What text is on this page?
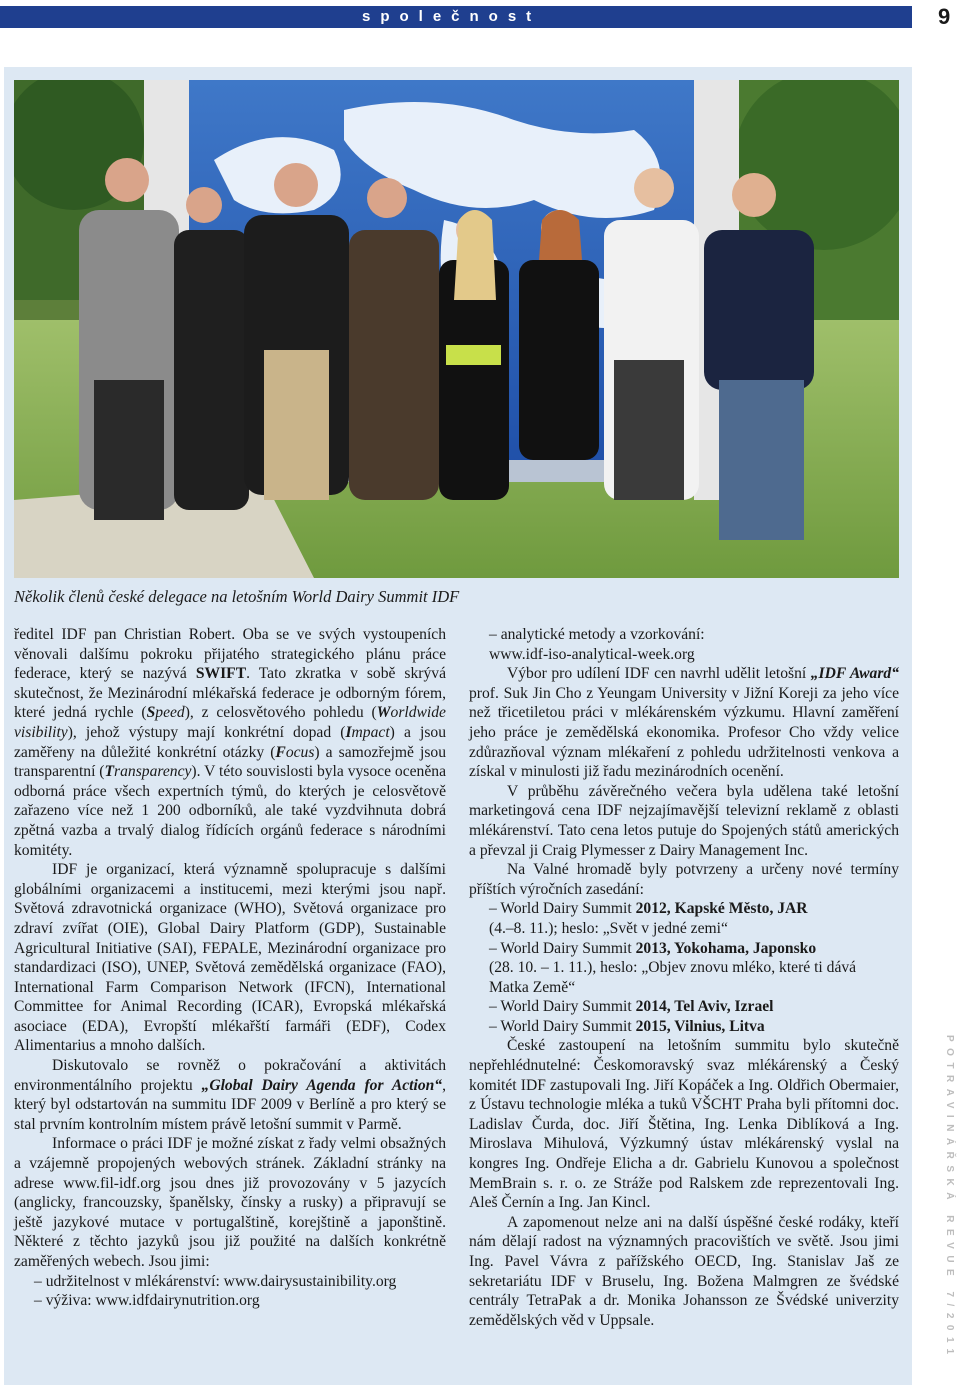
společnost	9
Několik členů české delegace na letošním World Dairy Summit IDF

ředitel IDF pan Christian Robert. Oba se ve svých vystoupeních věnovali dalšímu pokroku přijatého strategického plánu práce federace, který se nazývá SWIFT. Tato zkratka v sobě skrývá skutečnost, že Mezinárodní mlékařská federace je odborným fórem, které jedná rychle (Speed), z celosvětového pohledu (Worldwide visibility), jehož výstupy mají konkrétní dopad (Impact) a jsou zaměřeny na důležité konkrétní otázky (Focus) a samozřejmě jsou transparentní (Transparency). V této souvislosti byla vysoce oceněna odborná práce všech expertních týmů, do kterých je celosvětově zařazeno více než 1 200 odborníků, ale také vyzdvihnuta dobrá zpětná vazba a trvalý dialog řídících orgánů federace s národními komitéty.

IDF je organizací, která významně spolupracuje s dalšími globálními organizacemi a institucemi, mezi kterými jsou např. Světová zdravotnická organizace (WHO), Světová organizace pro zdraví zvířat (OIE), Global Dairy Platform (GDP), Sustainable Agricultural Initiative (SAI), FEPALE, Mezinárodní organizace pro standardizaci (ISO), UNEP, Světová zemědělská organizace (FAO), International Farm Comparison Network (IFCN), International Committee for Animal Recording (ICAR), Evropská mlékařská asociace (EDA), Evropští mlékařští farmáři (EDF), Codex Alimentarius a mnoho dalších.

Diskutovalo se rovněž o pokračování a aktivitách environmentálního projektu „Global Dairy Agenda for Action“, který byl odstartován na summitu IDF 2009 v Berlíně a pro který se stal prvním kontrolním místem právě letošní summit v Parmě.

Informace o práci IDF je možné získat z řady velmi obsažných a vzájemně propojených webových stránek. Základní stránky na adrese www.fil-idf.org jsou dnes již provozovány v 5 jazycích (anglicky, francouzsky, španělsky, čínsky a rusky) a připravují se ještě jazykové mutace v portugalštině, korejštině a japonštině. Některé z těchto jazyků jsou již použité na dalších konkrétně zaměřených webech. Jsou jimi:

– udržitelnost v mlékárenství: www.dairysustainibility.org

– výživa: www.idfdairynutrition.org

– analytické metody a vzorkování:
www.idf-iso-analytical-week.org

Výbor pro udílení IDF cen navrhl udělit letošní „IDF Award“ prof. Suk Jin Cho z Yeungam University v Jižní Koreji za jeho více než třicetiletou práci v mlékárenském výzkumu. Hlavní zaměření jeho práce je zemědělská ekonomika. Profesor Cho vždy velice zdůrazňoval význam mlékaření z pohledu udržitelnosti venkova a získal v minulosti již řadu mezinárodních ocenění.

V průběhu závěrečného večera byla udělena také letošní marketingová cena IDF nejzajímavější televizní reklamě z oblasti mlékárenství. Tato cena letos putuje do Spojených států amerických a převzal ji Craig Plymesser z Dairy Management Inc.

Na Valné hromadě byly potvrzeny a určeny nové termíny příštích výročních zasedání:

– World Dairy Summit 2012, Kapské Město, JAR
(4.–8. 11.); heslo: „Svět v jedné zemi“

– World Dairy Summit 2013, Yokohama, Japonsko
(28. 10. – 1. 11.), heslo: „Objev znovu mléko, které ti dává Matka Země“

– World Dairy Summit 2014, Tel Aviv, Izrael

– World Dairy Summit 2015, Vilnius, Litva

České zastoupení na letošním summitu bylo skutečně nepřehlédnutelné: Českomoravský svaz mlékárenský a Český komitét IDF zastupovali Ing. Jiří Kopáček a Ing. Oldřich Obermaier, z Ústavu technologie mléka a tuků VŠCHT Praha byli přítomni doc. Ladislav Čurda, doc. Jiří Štětina, Ing. Lenka Diblíková a Ing. Miroslava Mihulová, Výzkumný ústav mlékárenský vyslal na kongres Ing. Ondřeje Elicha a dr. Gabrielu Kunovou a společnost MemBrain s. r. o. ze Stráže pod Ralskem zde reprezentovali Ing. Aleš Černín a Ing. Jan Kincl.

A zapomenout nelze ani na další úspěšné české rodáky, kteří nám dělají radost na významných pracovištích ve světě. Jsou jimi Ing. Pavel Vávra z pařížského OECD, Ing. Stanislav Jaš ze sekretariátu IDF v Bruselu, Ing. Božena Malmgren ze švédské centrály TetraPak a dr. Monika Johansson ze Švédské univerzity zemědělských věd v Uppsale.	POTRAVINÁŘSKÁ REVUE 7/2011
